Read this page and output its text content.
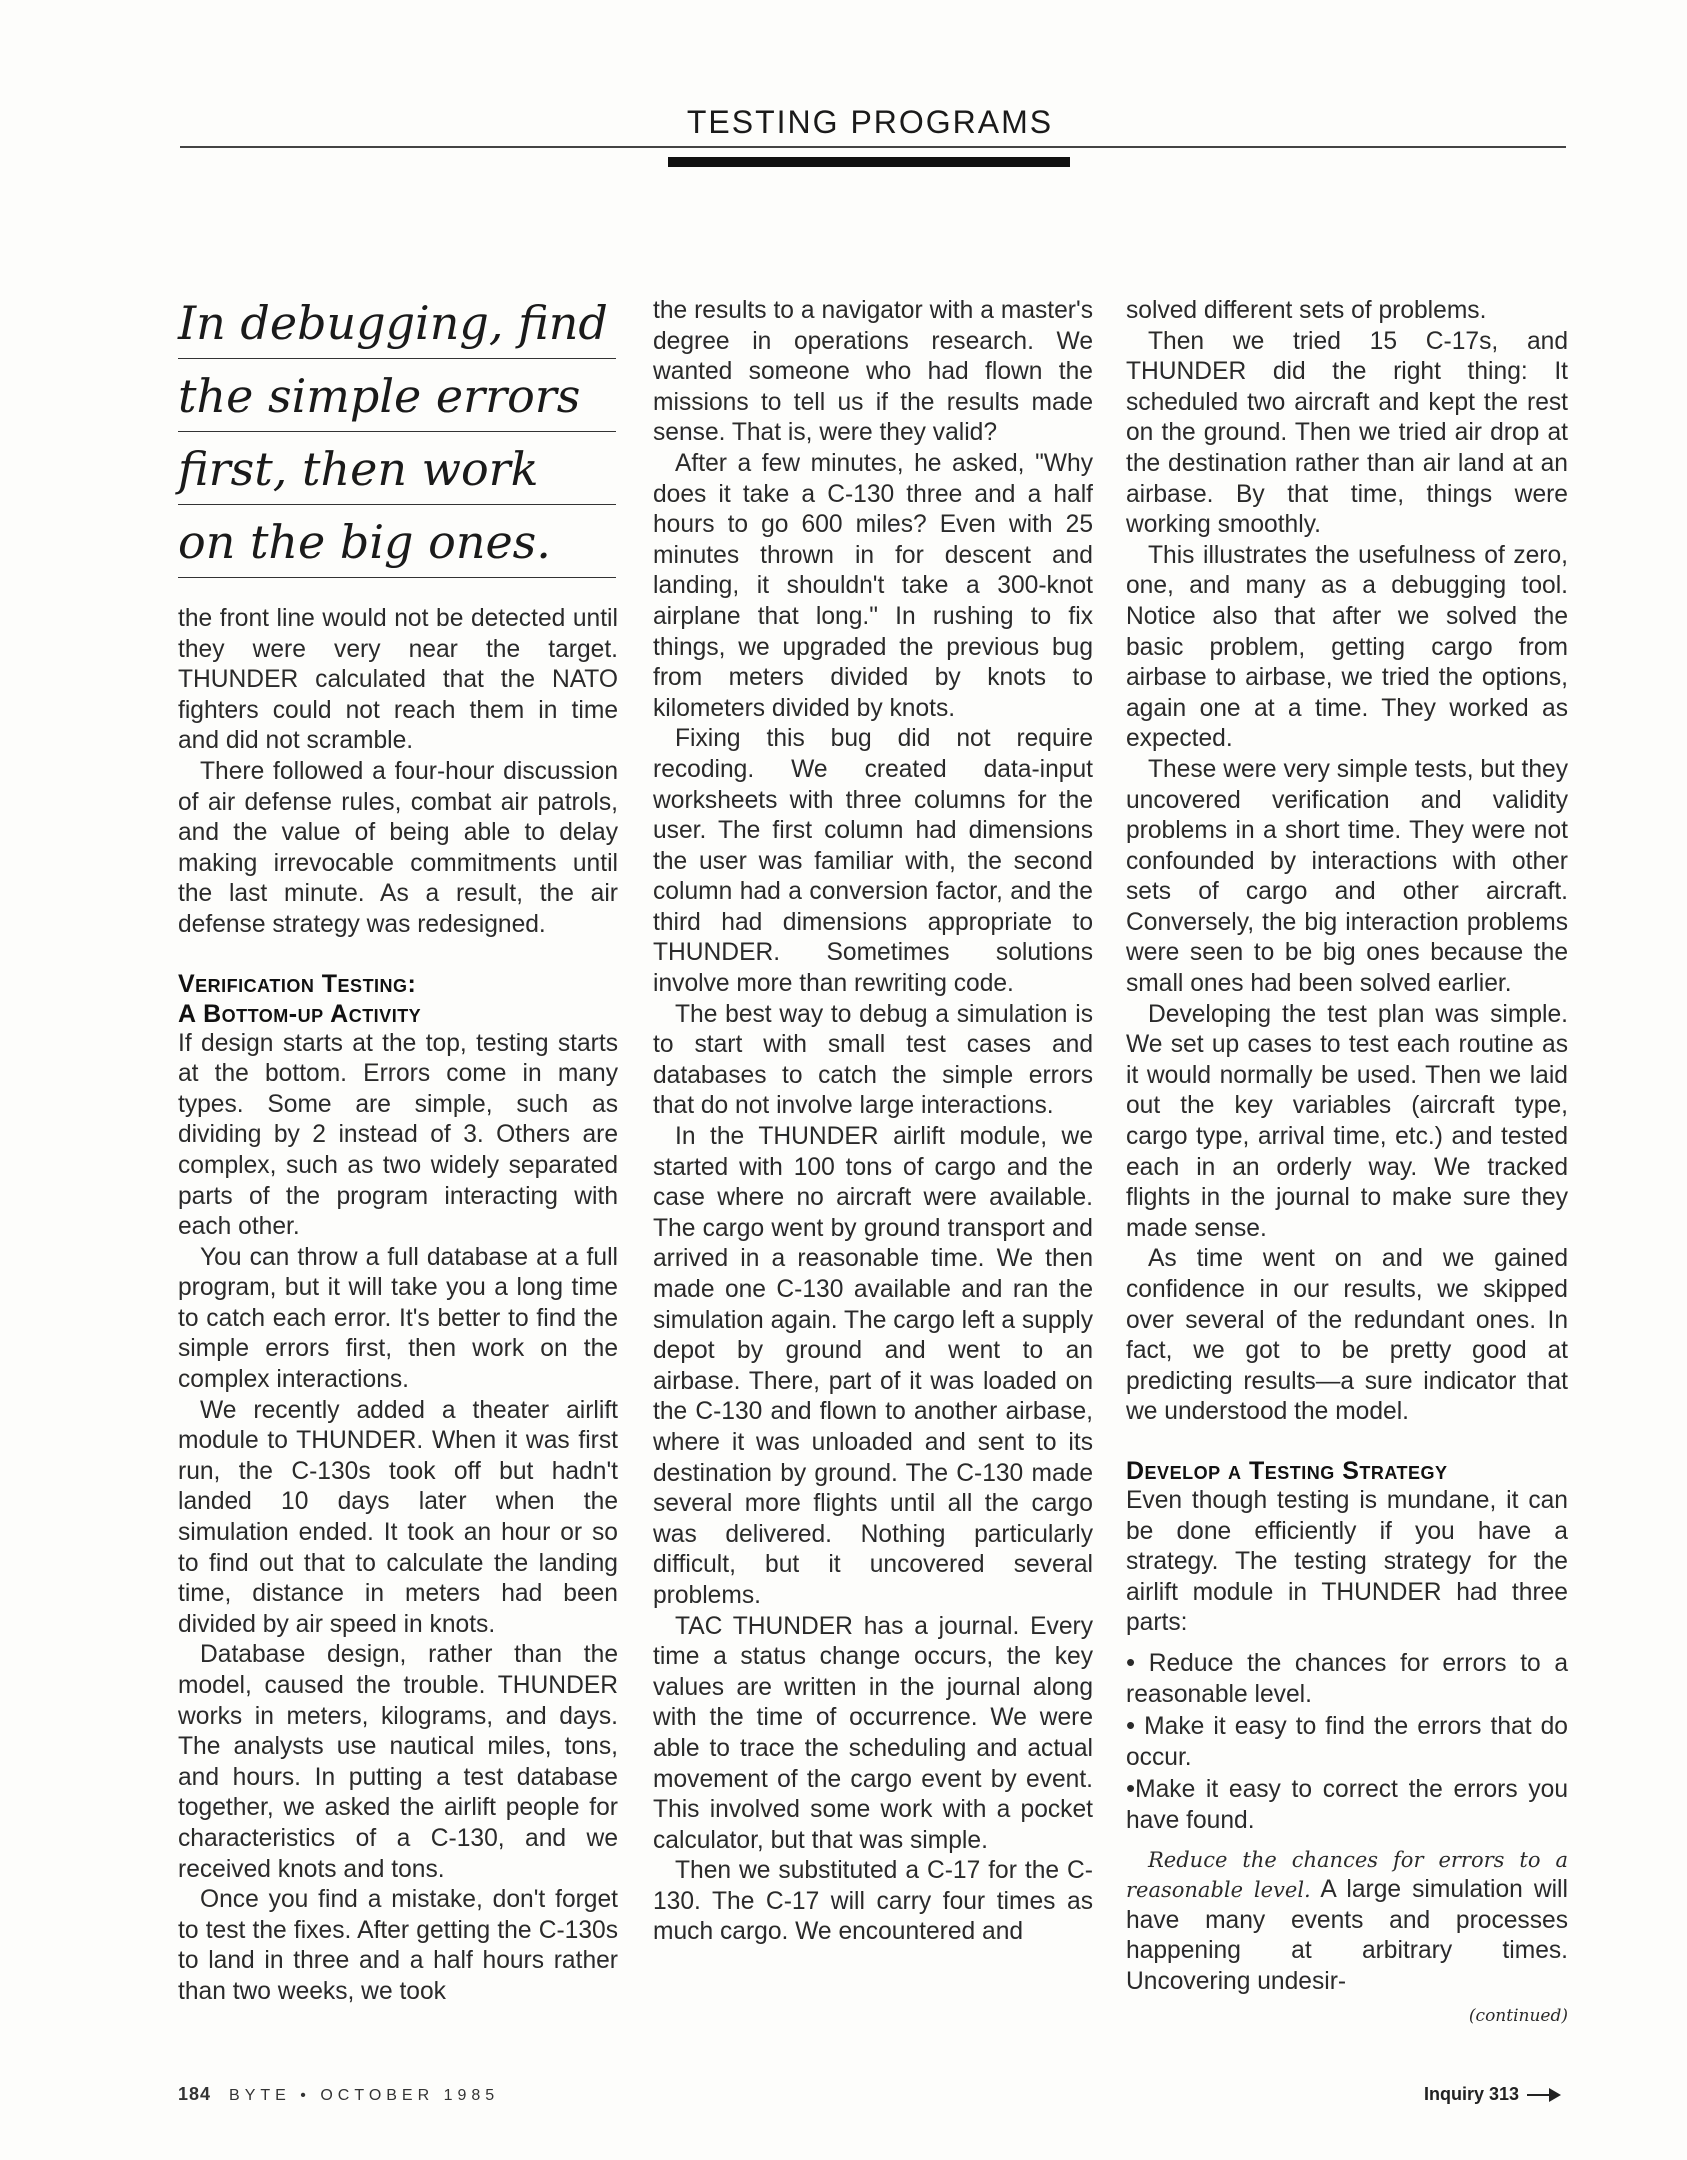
TESTING PROGRAMS
In debugging, find
the simple errors
first, then work
on the big ones.

the front line would not be detected until they were very near the target. THUNDER calculated that the NATO fighters could not reach them in time and did not scramble.

There followed a four-hour discussion of air defense rules, combat air patrols, and the value of being able to delay making irrevocable commitments until the last minute. As a result, the air defense strategy was redesigned.

Verification Testing:
A Bottom-up Activity

If design starts at the top, testing starts at the bottom. Errors come in many types. Some are simple, such as dividing by 2 instead of 3. Others are complex, such as two widely separated parts of the program interacting with each other.

You can throw a full database at a full program, but it will take you a long time to catch each error. It's better to find the simple errors first, then work on the complex interactions.

We recently added a theater airlift module to THUNDER. When it was first run, the C-130s took off but hadn't landed 10 days later when the simulation ended. It took an hour or so to find out that to calculate the landing time, distance in meters had been divided by air speed in knots.

Database design, rather than the model, caused the trouble. THUNDER works in meters, kilograms, and days. The analysts use nautical miles, tons, and hours. In putting a test database together, we asked the airlift people for characteristics of a C-130, and we received knots and tons.

Once you find a mistake, don't forget to test the fixes. After getting the C-130s to land in three and a half hours rather than two weeks, we took

the results to a navigator with a master's degree in operations research. We wanted someone who had flown the missions to tell us if the results made sense. That is, were they valid?

After a few minutes, he asked, "Why does it take a C-130 three and a half hours to go 600 miles? Even with 25 minutes thrown in for descent and landing, it shouldn't take a 300-knot airplane that long." In rushing to fix things, we upgraded the previous bug from meters divided by knots to kilometers divided by knots.

Fixing this bug did not require recoding. We created data-input worksheets with three columns for the user. The first column had dimensions the user was familiar with, the second column had a conversion factor, and the third had dimensions appropriate to THUNDER. Sometimes solutions involve more than rewriting code.

The best way to debug a simulation is to start with small test cases and databases to catch the simple errors that do not involve large interactions.

In the THUNDER airlift module, we started with 100 tons of cargo and the case where no aircraft were available. The cargo went by ground transport and arrived in a reasonable time. We then made one C-130 available and ran the simulation again. The cargo left a supply depot by ground and went to an airbase. There, part of it was loaded on the C-130 and flown to another airbase, where it was unloaded and sent to its destination by ground. The C-130 made several more flights until all the cargo was delivered. Nothing particularly difficult, but it uncovered several problems.

TAC THUNDER has a journal. Every time a status change occurs, the key values are written in the journal along with the time of occurrence. We were able to trace the scheduling and actual movement of the cargo event by event. This involved some work with a pocket calculator, but that was simple.

Then we substituted a C-17 for the C-130. The C-17 will carry four times as much cargo. We encountered and

solved different sets of problems.

Then we tried 15 C-17s, and THUNDER did the right thing: It scheduled two aircraft and kept the rest on the ground. Then we tried air drop at the destination rather than air land at an airbase. By that time, things were working smoothly.

This illustrates the usefulness of zero, one, and many as a debugging tool. Notice also that after we solved the basic problem, getting cargo from airbase to airbase, we tried the options, again one at a time. They worked as expected.

These were very simple tests, but they uncovered verification and validity problems in a short time. They were not confounded by interactions with other sets of cargo and other aircraft. Conversely, the big interaction problems were seen to be big ones because the small ones had been solved earlier.

Developing the test plan was simple. We set up cases to test each routine as it would normally be used. Then we laid out the key variables (aircraft type, cargo type, arrival time, etc.) and tested each in an orderly way. We tracked flights in the journal to make sure they made sense.

As time went on and we gained confidence in our results, we skipped over several of the redundant ones. In fact, we got to be pretty good at predicting results—a sure indicator that we understood the model.

Develop a Testing Strategy

Even though testing is mundane, it can be done efficiently if you have a strategy. The testing strategy for the airlift module in THUNDER had three parts:

• Reduce the chances for errors to a reasonable level.

• Make it easy to find the errors that do occur.

•Make it easy to correct the errors you have found.

Reduce the chances for errors to a reasonable level. A large simulation will have many events and processes happening at arbitrary times. Uncovering undesir-

(continued)
184 BYTE • OCTOBER 1985	Inquiry 313
